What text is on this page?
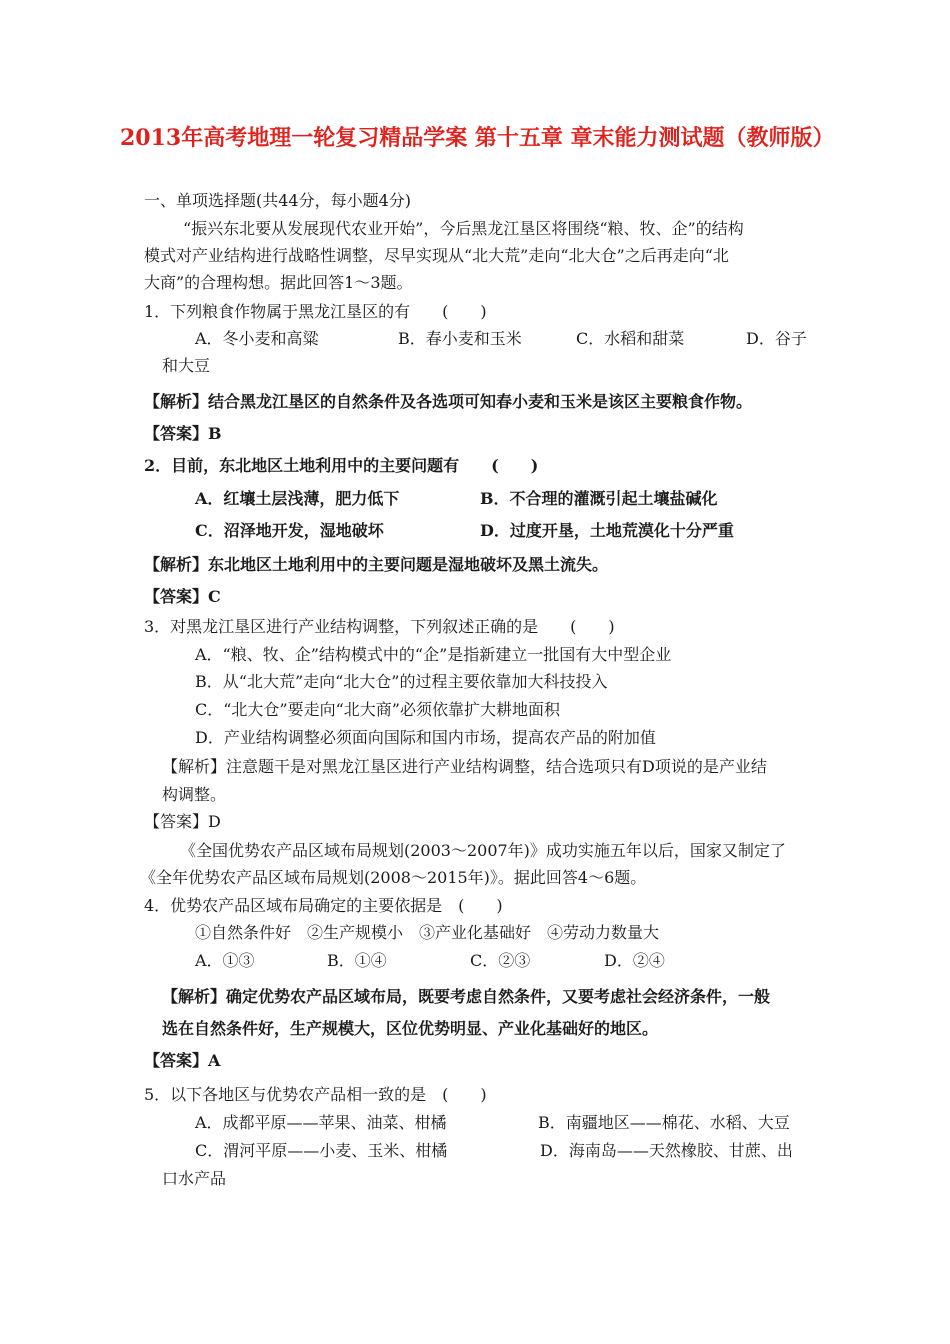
2013年高考地理一轮复习精品学案 第十五章 章末能力测试题（教师版）
一、单项选择题(共44分，每小题4分)
“振兴东北要从发展现代农业开始”，今后黑龙江垦区将围绕“粮、牧、企”的结构
模式对产业结构进行战略性调整，尽早实现从“北大荒”走向“北大仓”之后再走向“北
大商”的合理构想。据此回答1～3题。
1．下列粮食作物属于黑龙江垦区的有　　(　　)
A．冬小麦和高粱	B．春小麦和玉米	C．水稻和甜菜	D．谷子
和大豆
【解析】结合黑龙江垦区的自然条件及各选项可知春小麦和玉米是该区主要粮食作物。
【答案】B
2．目前，东北地区土地利用中的主要问题有　　(　　)
A．红壤土层浅薄，肥力低下	B．不合理的灌溉引起土壤盐碱化
C．沼泽地开发，湿地破坏	D．过度开垦，土地荒漠化十分严重
【解析】东北地区土地利用中的主要问题是湿地破坏及黑土流失。
【答案】C
3．对黑龙江垦区进行产业结构调整，下列叙述正确的是　　(　　)
A．“粮、牧、企”结构模式中的“企”是指新建立一批国有大中型企业
B．从“北大荒”走向“北大仓”的过程主要依靠加大科技投入
C．“北大仓”要走向“北大商”必须依靠扩大耕地面积
D．产业结构调整必须面向国际和国内市场，提高农产品的附加值
【解析】注意题干是对黑龙江垦区进行产业结构调整，结合选项只有D项说的是产业结
构调整。
【答案】D
《全国优势农产品区域布局规划(2003～2007年)》成功实施五年以后，国家又制定了
《全年优势农产品区域布局规划(2008～2015年)》。据此回答4～6题。
4．优势农产品区域布局确定的主要依据是　(　　)
①自然条件好　②生产规模小　③产业化基础好　④劳动力数量大
A．①③	B．①④	C．②③	D．②④
【解析】确定优势农产品区域布局，既要考虑自然条件，又要考虑社会经济条件，一般
选在自然条件好，生产规模大，区位优势明显、产业化基础好的地区。
【答案】A
5．以下各地区与优势农产品相一致的是　(　　)
A．成都平原——苹果、油菜、柑橘	B．南疆地区——棉花、水稻、大豆
C．渭河平原——小麦、玉米、柑橘	D．海南岛——天然橡胶、甘蔗、出
口水产品
